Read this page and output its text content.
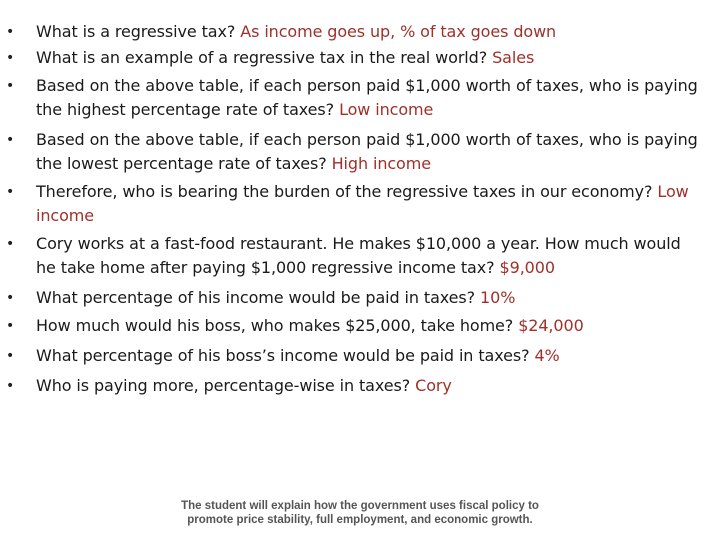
• What is a regressive tax? As income goes up, % of tax goes down
• What is an example of a regressive tax in the real world? Sales
• Based on the above table, if each person paid $1,000 worth of taxes, who is paying the highest percentage rate of taxes? Low income
• Based on the above table, if each person paid $1,000 worth of taxes, who is paying the lowest percentage rate of taxes? High income
• Therefore, who is bearing the burden of the regressive taxes in our economy? Low income
• Cory works at a fast-food restaurant. He makes $10,000 a year. How much would he take home after paying $1,000 regressive income tax? $9,000
• What percentage of his income would be paid in taxes? 10%
• How much would his boss, who makes $25,000, take home? $24,000
• What percentage of his boss’s income would be paid in taxes? 4%
• Who is paying more, percentage-wise in taxes? Cory
The student will explain how the government uses fiscal policy to
promote price stability, full employment, and economic growth.
